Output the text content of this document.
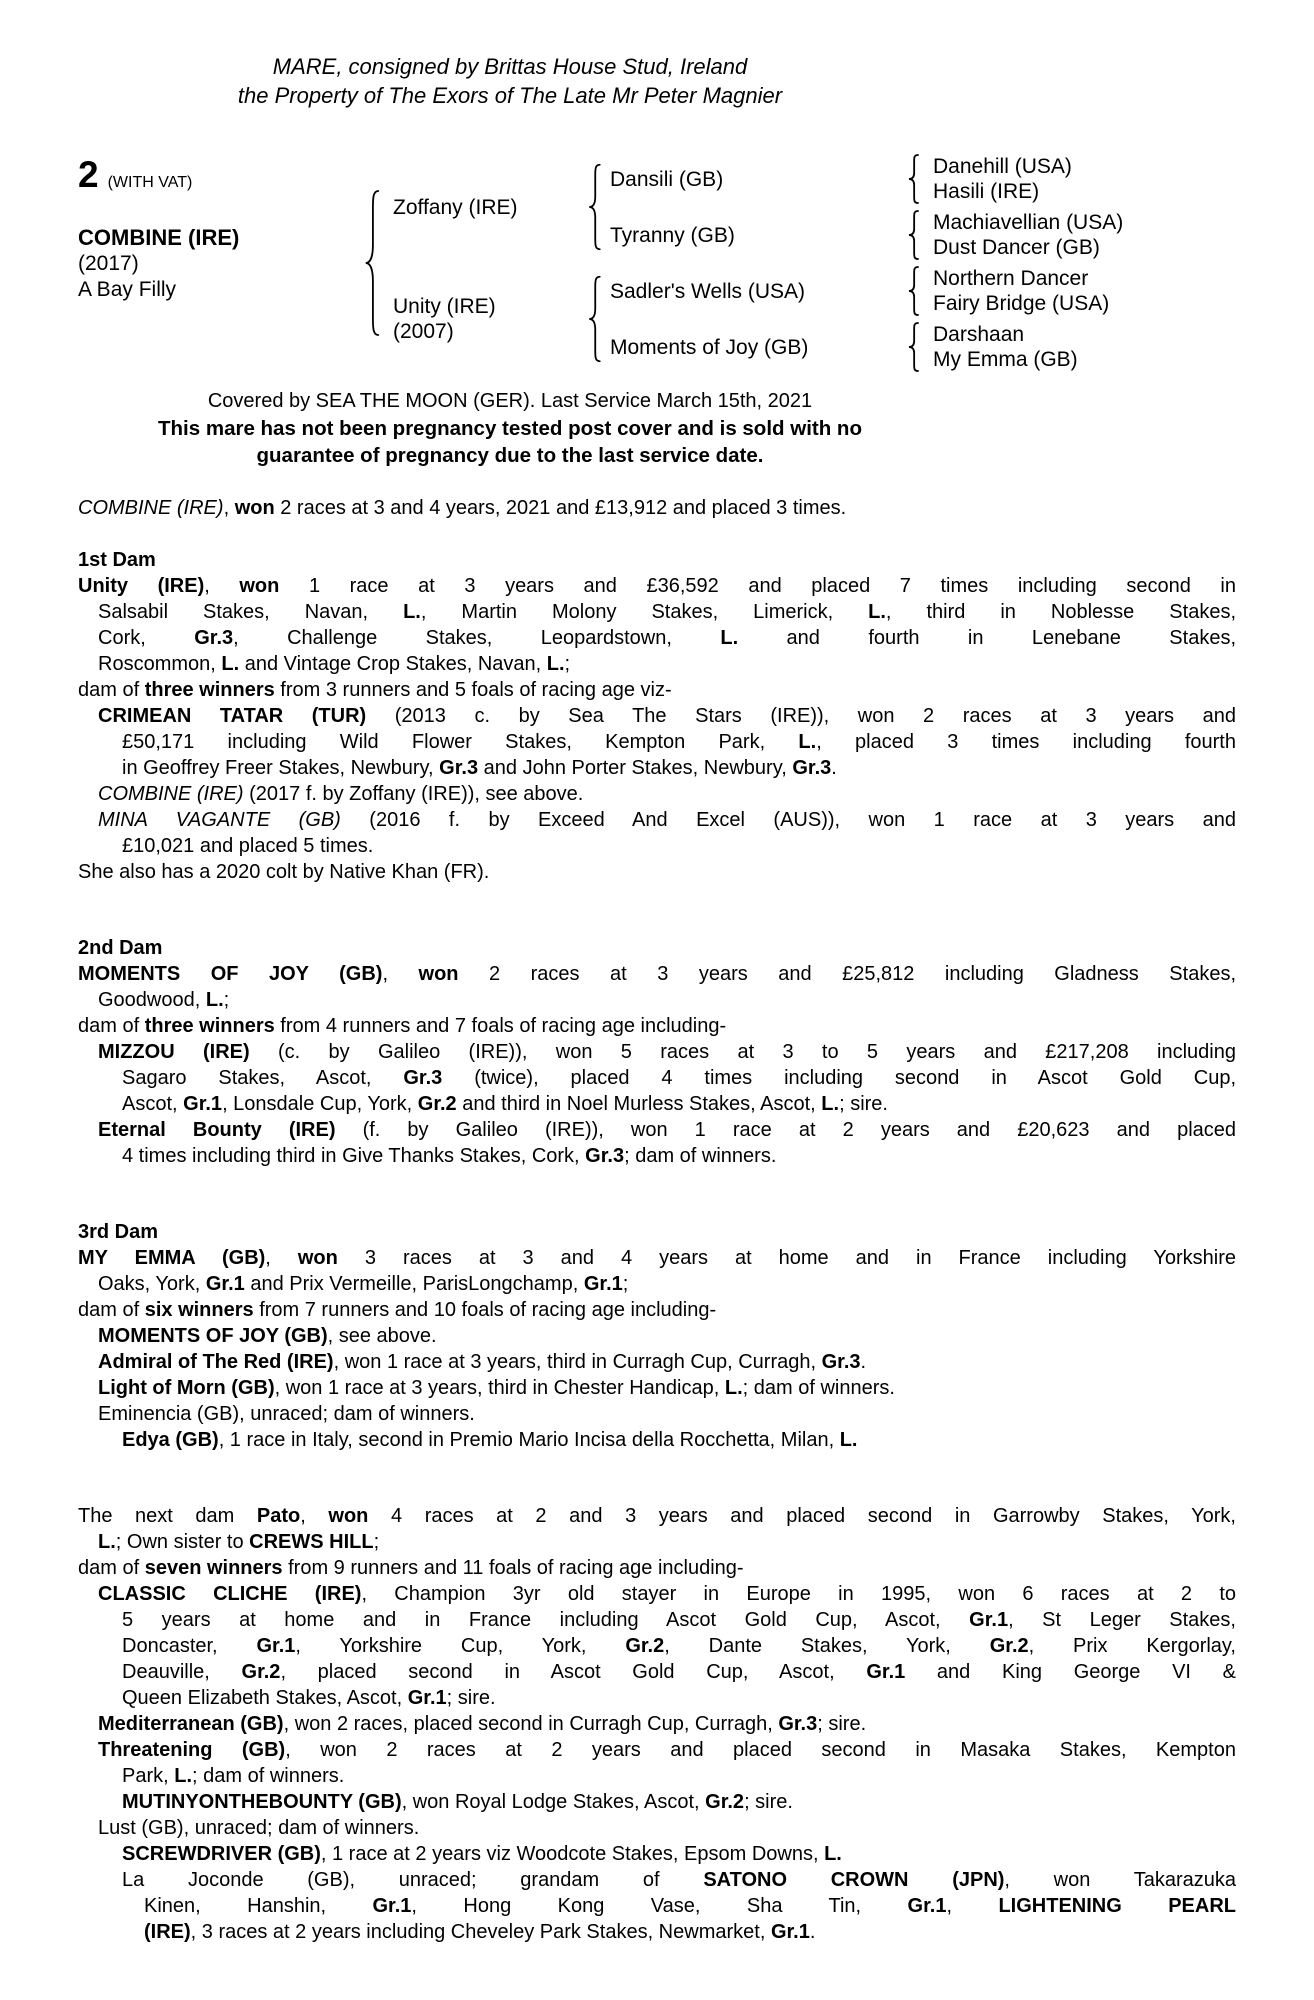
MARE, consigned by Brittas House Stud, Ireland
the Property of The Exors of The Late Mr Peter Magnier
2 (WITH VAT)
COMBINE (IRE)
(2017)
A Bay Filly
Zoffany (IRE)
Dansili (GB)
Danehill (USA)
Hasili (IRE)
Tyranny (GB)
Machiavellian (USA)
Dust Dancer (GB)
Unity (IRE)
(2007)
Sadler's Wells (USA)
Northern Dancer
Fairy Bridge (USA)
Moments of Joy (GB)
Darshaan
My Emma (GB)
Covered by SEA THE MOON (GER). Last Service March 15th, 2021
This mare has not been pregnancy tested post cover and is sold with no
guarantee of pregnancy due to the last service date.
COMBINE (IRE), won 2 races at 3 and 4 years, 2021 and £13,912 and placed 3 times.
1st Dam
Unity (IRE), won 1 race at 3 years and £36,592 and placed 7 times including second in
Salsabil Stakes, Navan, L., Martin Molony Stakes, Limerick, L., third in Noblesse Stakes,
Cork, Gr.3, Challenge Stakes, Leopardstown, L. and fourth in Lenebane Stakes,
Roscommon, L. and Vintage Crop Stakes, Navan, L.;
dam of three winners from 3 runners and 5 foals of racing age viz-
CRIMEAN TATAR (TUR) (2013 c. by Sea The Stars (IRE)), won 2 races at 3 years and
£50,171 including Wild Flower Stakes, Kempton Park, L., placed 3 times including fourth
in Geoffrey Freer Stakes, Newbury, Gr.3 and John Porter Stakes, Newbury, Gr.3.
COMBINE (IRE) (2017 f. by Zoffany (IRE)), see above.
MINA VAGANTE (GB) (2016 f. by Exceed And Excel (AUS)), won 1 race at 3 years and
£10,021 and placed 5 times.
She also has a 2020 colt by Native Khan (FR).
2nd Dam
MOMENTS OF JOY (GB), won 2 races at 3 years and £25,812 including Gladness Stakes,
Goodwood, L.;
dam of three winners from 4 runners and 7 foals of racing age including-
MIZZOU (IRE) (c. by Galileo (IRE)), won 5 races at 3 to 5 years and £217,208 including
Sagaro Stakes, Ascot, Gr.3 (twice), placed 4 times including second in Ascot Gold Cup,
Ascot, Gr.1, Lonsdale Cup, York, Gr.2 and third in Noel Murless Stakes, Ascot, L.; sire.
Eternal Bounty (IRE) (f. by Galileo (IRE)), won 1 race at 2 years and £20,623 and placed
4 times including third in Give Thanks Stakes, Cork, Gr.3; dam of winners.
3rd Dam
MY EMMA (GB), won 3 races at 3 and 4 years at home and in France including Yorkshire
Oaks, York, Gr.1 and Prix Vermeille, ParisLongchamp, Gr.1;
dam of six winners from 7 runners and 10 foals of racing age including-
MOMENTS OF JOY (GB), see above.
Admiral of The Red (IRE), won 1 race at 3 years, third in Curragh Cup, Curragh, Gr.3.
Light of Morn (GB), won 1 race at 3 years, third in Chester Handicap, L.; dam of winners.
Eminencia (GB), unraced; dam of winners.
Edya (GB), 1 race in Italy, second in Premio Mario Incisa della Rocchetta, Milan, L.
The next dam Pato, won 4 races at 2 and 3 years and placed second in Garrowby Stakes, York,
L.; Own sister to CREWS HILL;
dam of seven winners from 9 runners and 11 foals of racing age including-
CLASSIC CLICHE (IRE), Champion 3yr old stayer in Europe in 1995, won 6 races at 2 to
5 years at home and in France including Ascot Gold Cup, Ascot, Gr.1, St Leger Stakes,
Doncaster, Gr.1, Yorkshire Cup, York, Gr.2, Dante Stakes, York, Gr.2, Prix Kergorlay,
Deauville, Gr.2, placed second in Ascot Gold Cup, Ascot, Gr.1 and King George VI &
Queen Elizabeth Stakes, Ascot, Gr.1; sire.
Mediterranean (GB), won 2 races, placed second in Curragh Cup, Curragh, Gr.3; sire.
Threatening (GB), won 2 races at 2 years and placed second in Masaka Stakes, Kempton
Park, L.; dam of winners.
MUTINYONTHEBOUNTY (GB), won Royal Lodge Stakes, Ascot, Gr.2; sire.
Lust (GB), unraced; dam of winners.
SCREWDRIVER (GB), 1 race at 2 years viz Woodcote Stakes, Epsom Downs, L.
La Joconde (GB), unraced; grandam of SATONO CROWN (JPN), won Takarazuka
Kinen, Hanshin, Gr.1, Hong Kong Vase, Sha Tin, Gr.1, LIGHTENING PEARL
(IRE), 3 races at 2 years including Cheveley Park Stakes, Newmarket, Gr.1.
